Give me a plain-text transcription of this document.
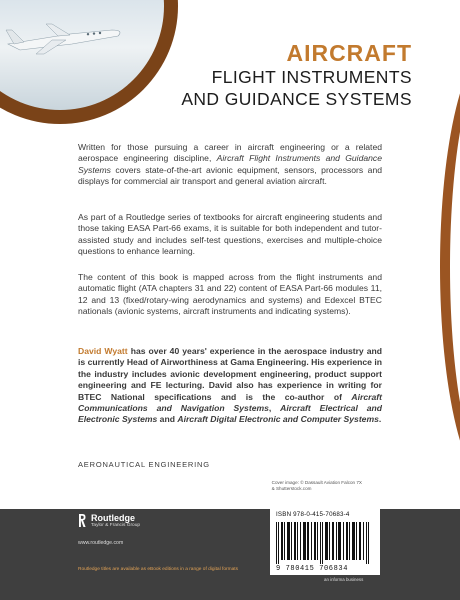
AIRCRAFT
FLIGHT INSTRUMENTS
AND GUIDANCE SYSTEMS
Written for those pursuing a career in aircraft engineering or a related aerospace engineering discipline, Aircraft Flight Instruments and Guidance Systems covers state-of-the-art avionic equipment, sensors, processors and displays for commercial air transport and general aviation aircraft.
As part of a Routledge series of textbooks for aircraft engineering students and those taking EASA Part-66 exams, it is suitable for both independent and tutor-assisted study and includes self-test questions, exercises and multiple-choice questions to enhance learning.
The content of this book is mapped across from the flight instruments and automatic flight (ATA chapters 31 and 22) content of EASA Part-66 modules 11, 12 and 13 (fixed/rotary-wing aerodynamics and systems) and Edexcel BTEC nationals (avionic systems, aircraft instruments and indicating systems).
David Wyatt has over 40 years' experience in the aerospace industry and is currently Head of Airworthiness at Gama Engineering. His experience in the industry includes avionic development engineering, product support engineering and FE lecturing. David also has experience in writing for BTEC National specifications and is the co-author of Aircraft Communications and Navigation Systems, Aircraft Electrical and Electronic Systems and Aircraft Digital Electronic and Computer Systems.
AERONAUTICAL ENGINEERING
Cover image: © Dassault Aviation Falcon 7X
& Shutterstock.com
Routledge
Taylor & Francis Group
www.routledge.com
Routledge titles are available as eBook editions in a range of digital formats
ISBN 978-0-415-70683-4
9 780415 706834
an informa business
